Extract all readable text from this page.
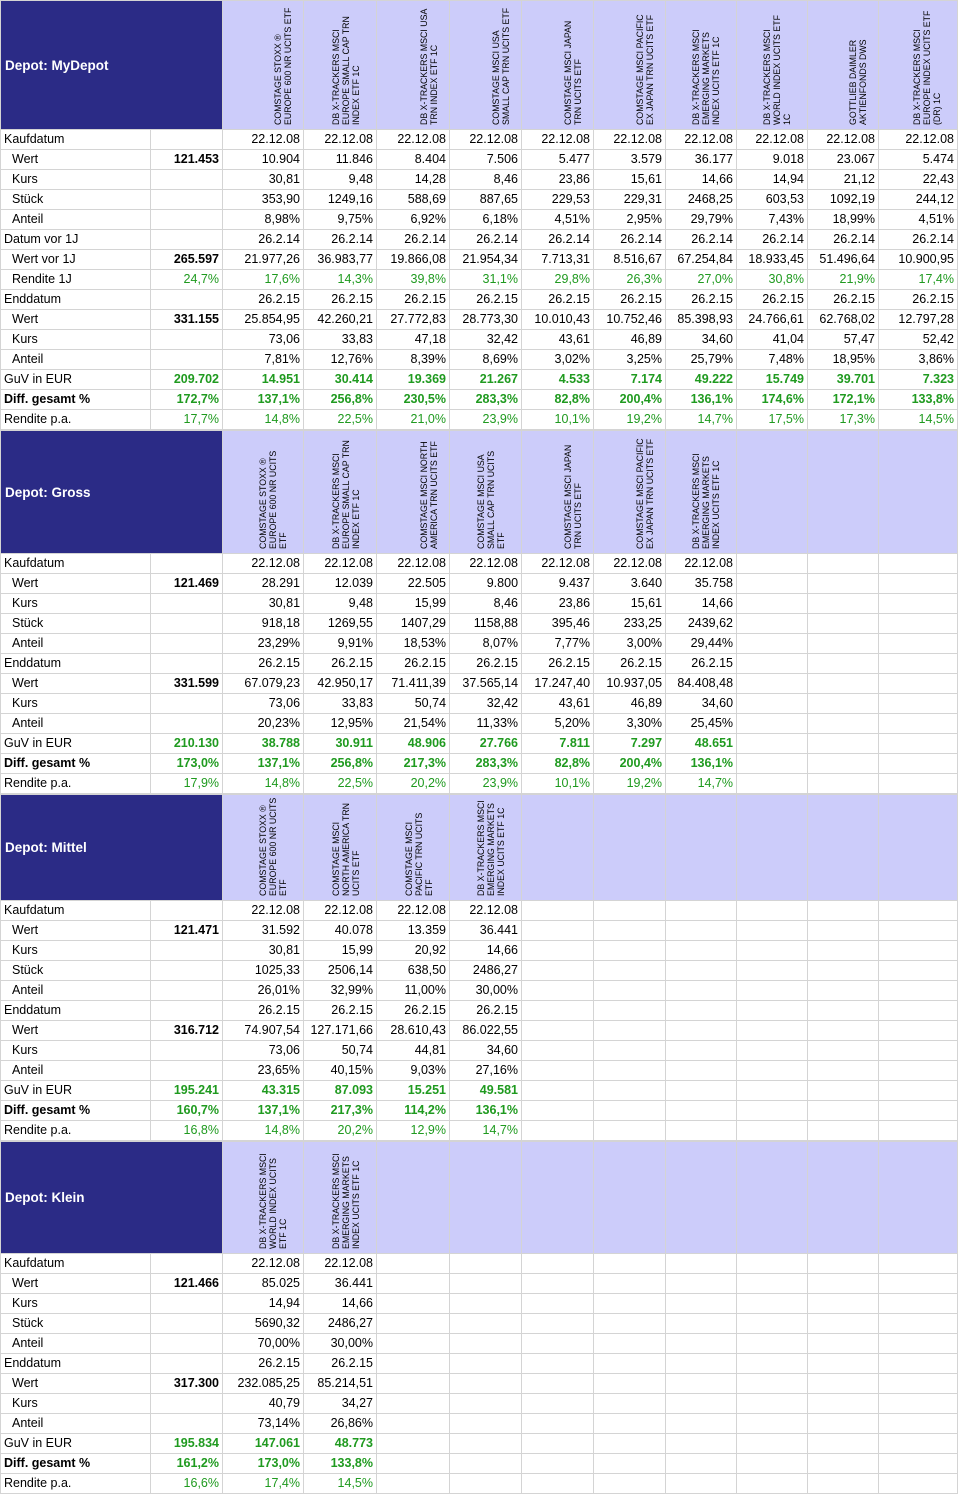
Depot: MyDepot		COMSTAGE STOXX ® EUROPE 600 NR UCITS ETF	DB X-TRACKERS MSCI EUROPE SMALL CAP TRN INDEX ETF 1C	DB X-TRACKERS MSCI USA TRN INDEX ETF 1C	COMSTAGE MSCI USA SMALL CAP TRN UCITS ETF	COMSTAGE MSCI JAPAN TRN UCITS ETF	COMSTAGE MSCI PACIFIC EX JAPAN TRN UCITS ETF	DB X-TRACKERS MSCI EMERGING MARKETS INDEX UCITS ETF 1C	DB X-TRACKERS MSCI WORLD INDEX UCITS ETF 1C	GOTTLIEB DAIMLER AKTIENFONDS DWS	DB X-TRACKERS MSCI EUROPE INDEX UCITS ETF (DR) 1C

Kaufdatum		22.12.08	22.12.08	22.12.08	22.12.08	22.12.08	22.12.08	22.12.08	22.12.08	22.12.08	22.12.08
Wert	121.453	10.904	11.846	8.404	7.506	5.477	3.579	36.177	9.018	23.067	5.474
Kurs		30,81	9,48	14,28	8,46	23,86	15,61	14,66	14,94	21,12	22,43
Stück		353,90	1249,16	588,69	887,65	229,53	229,31	2468,25	603,53	1092,19	244,12
Anteil		8,98%	9,75%	6,92%	6,18%	4,51%	2,95%	29,79%	7,43%	18,99%	4,51%
Datum vor 1J		26.2.14	26.2.14	26.2.14	26.2.14	26.2.14	26.2.14	26.2.14	26.2.14	26.2.14	26.2.14
Wert vor 1J	265.597	21.977,26	36.983,77	19.866,08	21.954,34	7.713,31	8.516,67	67.254,84	18.933,45	51.496,64	10.900,95
Rendite 1J	24,7%	17,6%	14,3%	39,8%	31,1%	29,8%	26,3%	27,0%	30,8%	21,9%	17,4%
Enddatum		26.2.15	26.2.15	26.2.15	26.2.15	26.2.15	26.2.15	26.2.15	26.2.15	26.2.15	26.2.15
Wert	331.155	25.854,95	42.260,21	27.772,83	28.773,30	10.010,43	10.752,46	85.398,93	24.766,61	62.768,02	12.797,28
Kurs		73,06	33,83	47,18	32,42	43,61	46,89	34,60	41,04	57,47	52,42
Anteil		7,81%	12,76%	8,39%	8,69%	3,02%	3,25%	25,79%	7,48%	18,95%	3,86%
GuV in EUR	209.702	14.951	30.414	19.369	21.267	4.533	7.174	49.222	15.749	39.701	7.323
Diff. gesamt %	172,7%	137,1%	256,8%	230,5%	283,3%	82,8%	200,4%	136,1%	174,6%	172,1%	133,8%
Rendite p.a.	17,7%	14,8%	22,5%	21,0%	23,9%	10,1%	19,2%	14,7%	17,5%	17,3%	14,5%
Depot: Gross		COMSTAGE STOXX ® EUROPE 600 NR UCITS ETF	DB X-TRACKERS MSCI EUROPE SMALL CAP TRN INDEX ETF 1C	COMSTAGE MSCI NORTH AMERICA TRN UCITS ETF	COMSTAGE MSCI USA SMALL CAP TRN UCITS ETF	COMSTAGE MSCI JAPAN TRN UCITS ETF	COMSTAGE MSCI PACIFIC EX JAPAN TRN UCITS ETF	DB X-TRACKERS MSCI EMERGING MARKETS INDEX UCITS ETF 1C			

Kaufdatum		22.12.08	22.12.08	22.12.08	22.12.08	22.12.08	22.12.08	22.12.08			
Wert	121.469	28.291	12.039	22.505	9.800	9.437	3.640	35.758			
Kurs		30,81	9,48	15,99	8,46	23,86	15,61	14,66			
Stück		918,18	1269,55	1407,29	1158,88	395,46	233,25	2439,62			
Anteil		23,29%	9,91%	18,53%	8,07%	7,77%	3,00%	29,44%			
Enddatum		26.2.15	26.2.15	26.2.15	26.2.15	26.2.15	26.2.15	26.2.15			
Wert	331.599	67.079,23	42.950,17	71.411,39	37.565,14	17.247,40	10.937,05	84.408,48			
Kurs		73,06	33,83	50,74	32,42	43,61	46,89	34,60			
Anteil		20,23%	12,95%	21,54%	11,33%	5,20%	3,30%	25,45%			
GuV in EUR	210.130	38.788	30.911	48.906	27.766	7.811	7.297	48.651			
Diff. gesamt %	173,0%	137,1%	256,8%	217,3%	283,3%	82,8%	200,4%	136,1%			
Rendite p.a.	17,9%	14,8%	22,5%	20,2%	23,9%	10,1%	19,2%	14,7%			
Depot: Mittel		COMSTAGE STOXX ® EUROPE 600 NR UCITS ETF	COMSTAGE MSCI NORTH AMERICA TRN UCITS ETF	COMSTAGE MSCI PACIFIC TRN UCITS ETF	DB X-TRACKERS MSCI EMERGING MARKETS INDEX UCITS ETF 1C						

Kaufdatum		22.12.08	22.12.08	22.12.08	22.12.08						
Wert	121.471	31.592	40.078	13.359	36.441						
Kurs		30,81	15,99	20,92	14,66						
Stück		1025,33	2506,14	638,50	2486,27						
Anteil		26,01%	32,99%	11,00%	30,00%						
Enddatum		26.2.15	26.2.15	26.2.15	26.2.15						
Wert	316.712	74.907,54	127.171,66	28.610,43	86.022,55						
Kurs		73,06	50,74	44,81	34,60						
Anteil		23,65%	40,15%	9,03%	27,16%						
GuV in EUR	195.241	43.315	87.093	15.251	49.581						
Diff. gesamt %	160,7%	137,1%	217,3%	114,2%	136,1%						
Rendite p.a.	16,8%	14,8%	20,2%	12,9%	14,7%						
Depot: Klein		DB X-TRACKERS MSCI WORLD INDEX UCITS ETF 1C	DB X-TRACKERS MSCI EMERGING MARKETS INDEX UCITS ETF 1C								

Kaufdatum		22.12.08	22.12.08								
Wert	121.466	85.025	36.441								
Kurs		14,94	14,66								
Stück		5690,32	2486,27								
Anteil		70,00%	30,00%								
Enddatum		26.2.15	26.2.15								
Wert	317.300	232.085,25	85.214,51								
Kurs		40,79	34,27								
Anteil		73,14%	26,86%								
GuV in EUR	195.834	147.061	48.773								
Diff. gesamt %	161,2%	173,0%	133,8%								
Rendite p.a.	16,6%	17,4%	14,5%								
